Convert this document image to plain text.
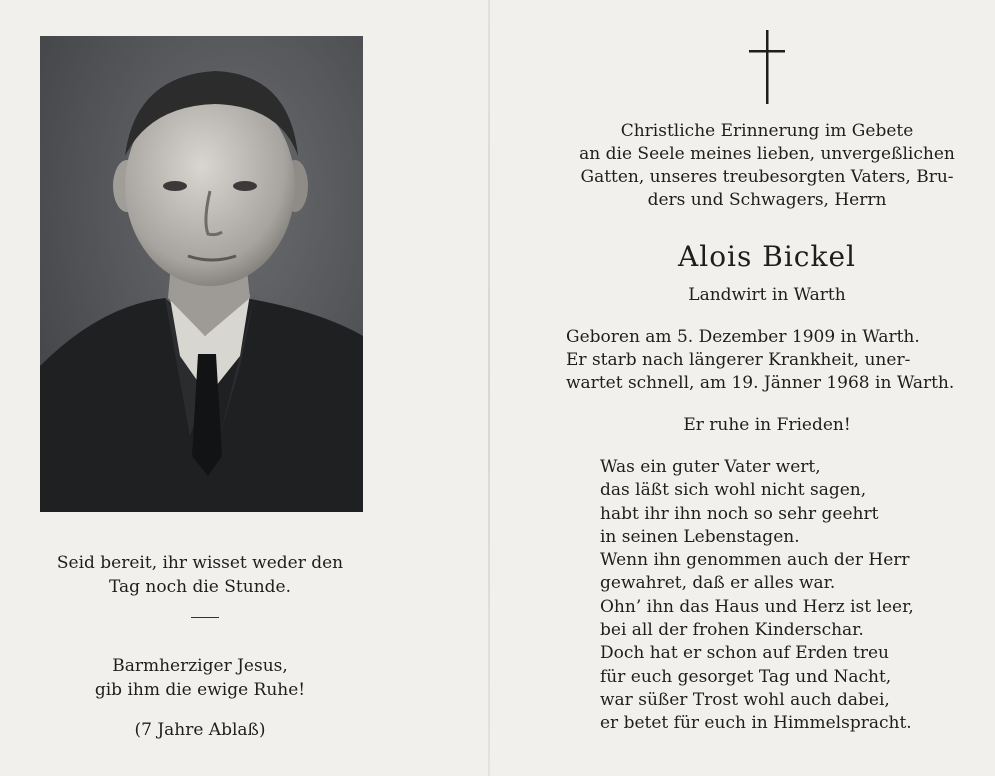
Seid bereit, ihr wisset weder den
Tag noch die Stunde.
Barmherziger Jesus,
gib ihm die ewige Ruhe!
(7 Jahre Ablaß)
Christliche Erinnerung im Gebete
an die Seele meines lieben, unvergeßlichen
Gatten, unseres treubesorgten Vaters, Bru-
ders und Schwagers, Herrn
Alois Bickel
Landwirt in Warth
Geboren am 5. Dezember 1909 in Warth.
Er starb nach längerer Krankheit, uner-
wartet schnell, am 19. Jänner 1968 in Warth.
Er ruhe in Frieden!
Was ein guter Vater wert,
das läßt sich wohl nicht sagen,
habt ihr ihn noch so sehr geehrt
in seinen Lebenstagen.
Wenn ihn genommen auch der Herr
gewahret, daß er alles war.
Ohn’ ihn das Haus und Herz ist leer,
bei all der frohen Kinderschar.
Doch hat er schon auf Erden treu
für euch gesorget Tag und Nacht,
war süßer Trost wohl auch dabei,
er betet für euch in Himmelspracht.
